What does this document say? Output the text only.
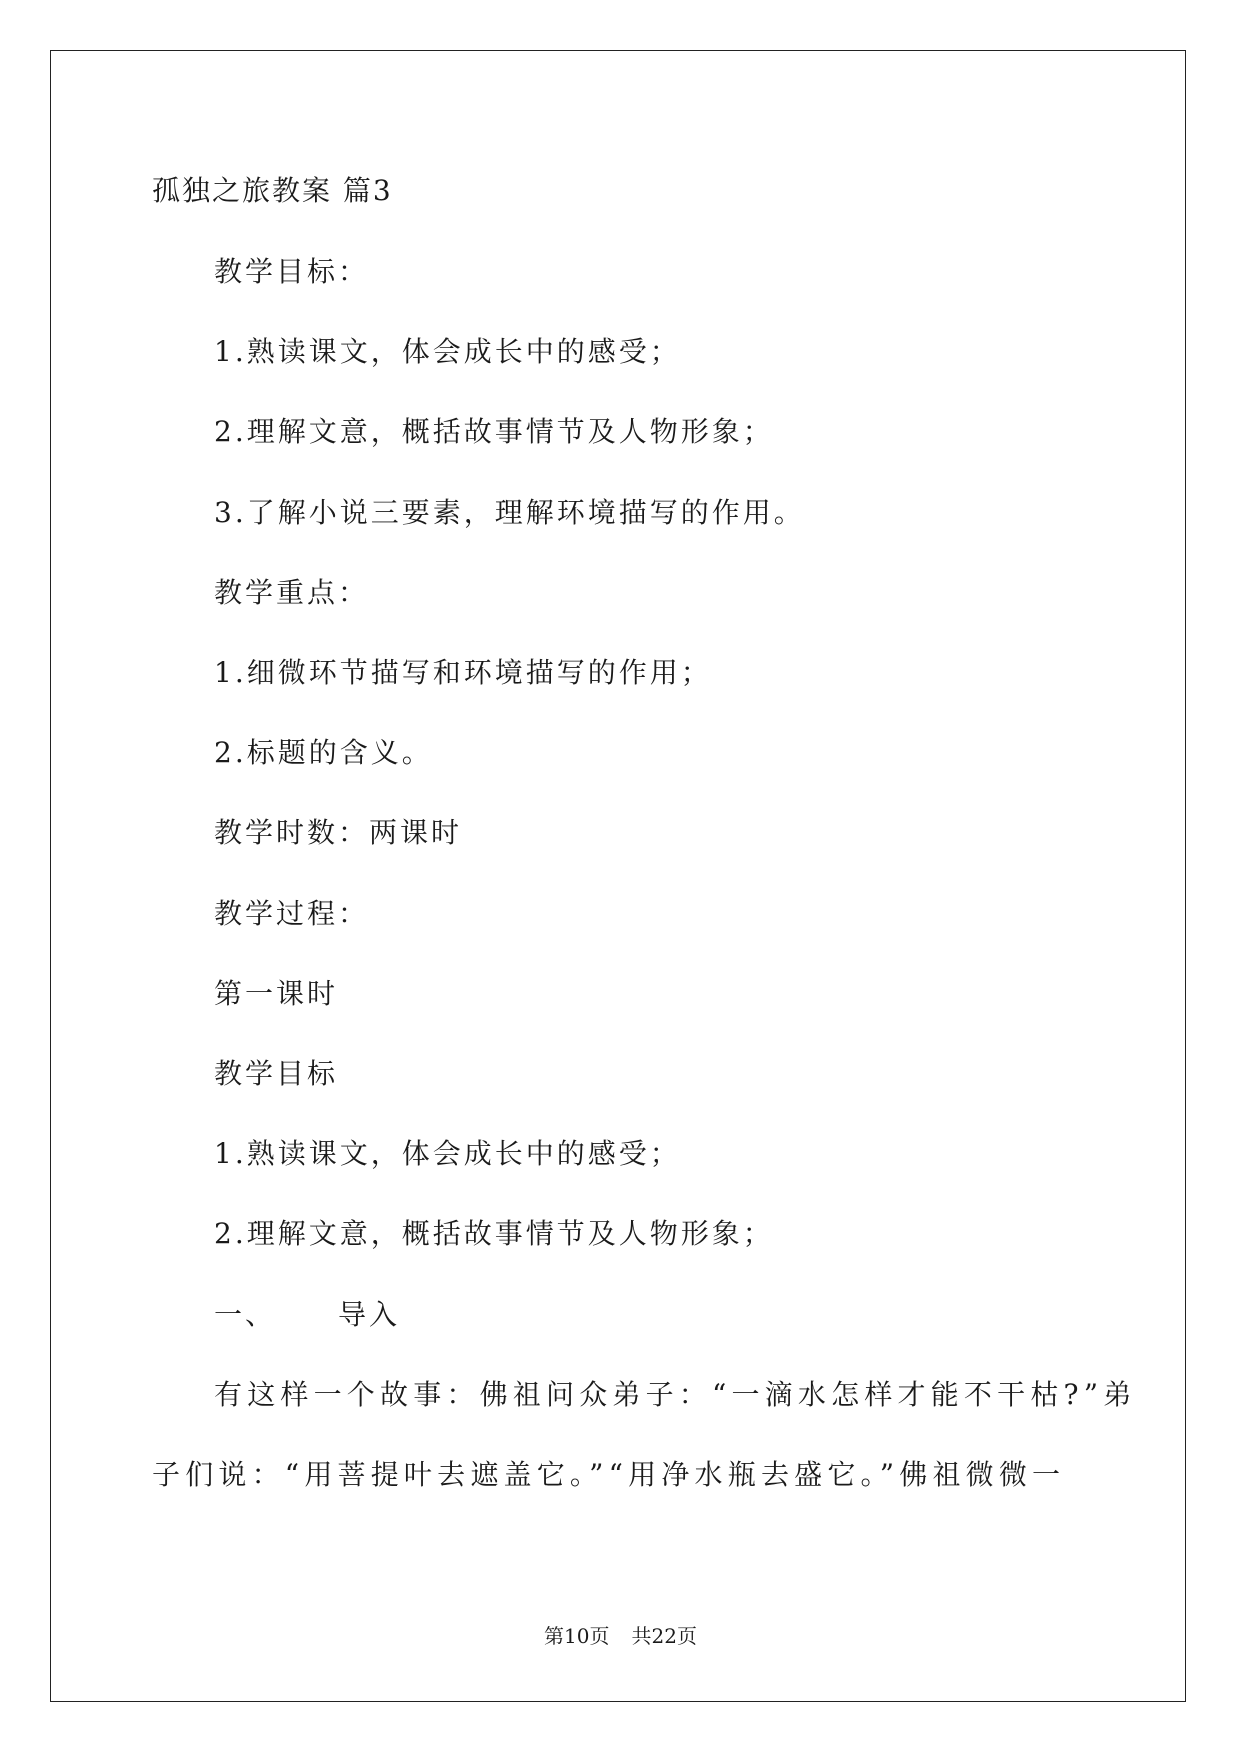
孤独之旅教案 篇3
教学目标：
1.熟读课文，体会成长中的感受；
2.理解文意，概括故事情节及人物形象；
3.了解小说三要素，理解环境描写的作用。
教学重点：
1.细微环节描写和环境描写的作用；
2.标题的含义。
教学时数：两课时
教学过程：
第一课时
教学目标
1.熟读课文，体会成长中的感受；
2.理解文意，概括故事情节及人物形象；
一、 导入
有这样一个故事：佛祖问众弟子：“一滴水怎样才能不干枯?”弟
子们说：“用菩提叶去遮盖它。”“用净水瓶去盛它。”佛祖微微一
第10页 共22页
